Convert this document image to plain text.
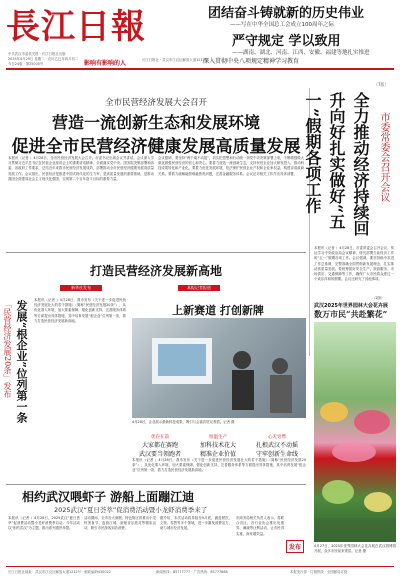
長江日報
中共武汉市委机关报 · 长江日报社出版
2025年4月29日 星期二 · 农历乙巳年四月初二
今日24版 · 第25000号	影响有影响的人	长江日报社 · 武汉市江汉区解放大道1212号
团结奋斗铸就新的历史伟业
——写在中华全国总工会成立100周年之际
严守规定 学以致用
——湖南、湖北、河南、江西、安徽、福建等地扎实推进
深入贯彻中央八项规定精神学习教育
（7版）
全市民营经济发展大会召开
营造一流创新生态和发展环境
促进全市民营经济健康发展高质量发展
本报讯（记者 ）4月28日，全市民营经济发展大会召开。市委书记出席会议并讲话。会议深入学习贯彻习近平总书记在民营企业座谈会上的重要讲话精神，全面落实党中央、国务院决策部署和省委、省政府工作要求，总结近年来我市民营经济发展成效，部署推动全市民营经济健康发展高质量发展工作。会议指出，民营经济是推进中国式现代化的生力军，是高质量发展的重要基础，是推动我国全面建成社会主义现代化强国、实现第二个百年奋斗目标的重要力量。
会议强调，要坚持“两个毫不动摇”，切实把思想和行动统一到党中央决策部署上来，不断增强做大做优做强民营经济的信心和决心。要着力营造一流创新生态，支持民营企业加大研发投入，推动科技成果转化和产业化。要着力优化发展环境，依法保护民营企业产权和企业家权益，构建亲清政商关系。要着力破解融资难融资贵问题，完善金融服务体系。会议还对相关工作作出具体部署。	市委常委会召开会议
全力推动经济持续回升向好扎实做好“五一”假期各项工作
本报讯（记者 ）4月28日，市委常委会召开会议，传达学习中央政治局会议精神，研究部署当前经济工作和“五一”假期各项工作。会议强调，要坚持稳中求进工作总基调，完整准确全面贯彻新发展理念，扎实推动高质量发展。要统筹抓好安全生产、旅游服务、市场供应、交通保障等工作，确保广大市民群众度过一个欢乐祥和的假期。会议还研究了其他事项。
（2版）
武汉2025年世界园林大会花卉展
数万市民“共赴繁花”
4月27日，2025年世界园林大会花卉展在武汉园博园开展，众多市民前来观赏。记者 摄
打造民营经济发展新高地
新华社发布	本报记者报道
发展“根企业”位列第一条
「民营经济发展20条」发布	本报讯（记者 ）4月28日，我市发布《关于进一步促进民营经济发展壮大的若干措施》（简称“民营经济发展20条”），从优化准入环境、加大要素保障、强化创新支持、完善服务体系等方面提出具体措施，其中培育发展“根企业”位列第一条，着力打造民营经济发展新高地。
上新赛道 打创新牌
4月28日，企业展示最新科技成果，吸引与会嘉宾驻足观看。记者 摄
优存在前
大家都在赛跑
武汉要当领跑者
恒温生产
加科技术花大
精准企业价值
心无旁骛
扎根武汉不动摇
守牢创新生命线
本报讯（记者 ）4月28日，我市发布《关于进一步促进民营经济发展壮大的若干措施》（简称“民营经济发展20条”），从优化准入环境、加大要素保障、强化创新支持、完善服务体系等方面提出具体措施，其中培育发展“根企业”位列第一条，着力打造民营经济发展新高地。
相约武汉喂虾子 游船上面蹦江迪
2025武汉“夏日荟萃”促消费活动暨小龙虾消费季来了
本报讯（记者 ）4月28日，2025武汉“夏日荟萃”促消费活动暨小龙虾消费季启动。今年活动以“相约武汉”为主题，推出系列惠民举措。
活动期间，全市各大商圈、特色街区将推出小龙虾美食节、夜游江城、游船音乐派对等精彩活动，吸引市民游客到店消费。
据介绍，本次活动将持续至9月底，涵盖餐饮、文旅、零售等多个领域，进一步激发消费活力，助力城市经济发展。
市商务局相关负责人表示，将联合各区、各行业协会推出优惠券、满减等让利活动，让市民得实惠、商家增效益。
发布
长江日报社地址：武汉市江汉区解放大道1212号 · 邮政编码430022	新闻热线：85777777 · 广告热线：85777888	本报发行部 · 订阅热线 · 全国邮局订阅
